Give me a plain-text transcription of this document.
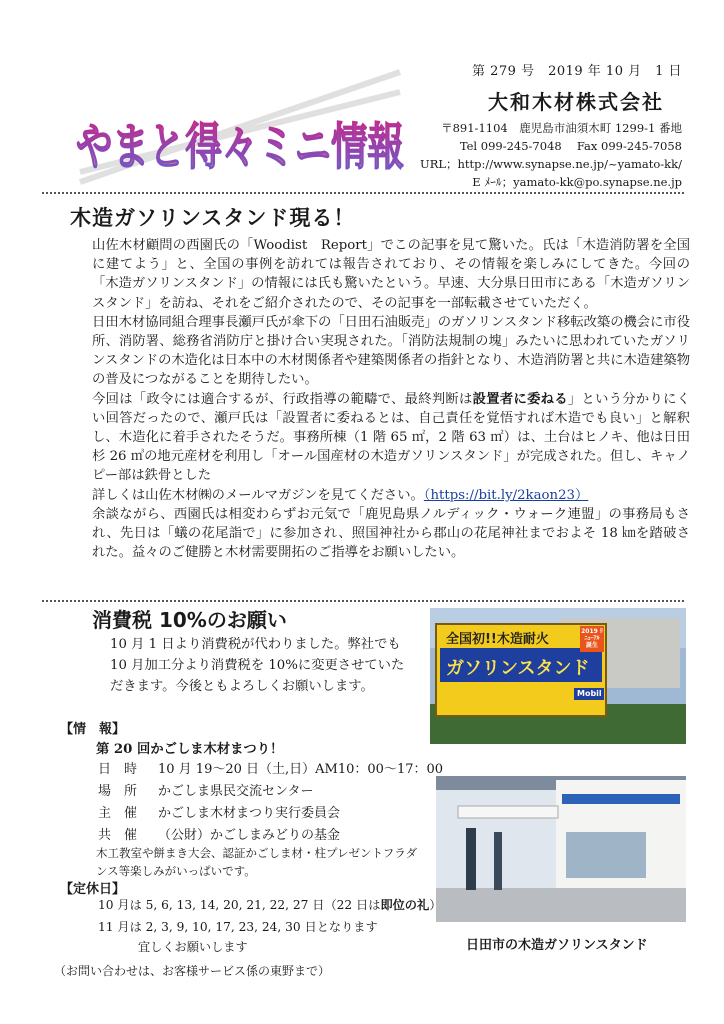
やまと得々ミニ情報
第 279 号　2019 年 10 月　1 日
大和木材株式会社
〒891-1104　鹿児島市油須木町 1299-1 番地
Tel 099-245-7048　 Fax 099-245-7058
URL；http://www.synapse.ne.jp/~yamato-kk/
E ﾒｰﾙ；yamato-kk@po.synapse.ne.jp
木造ガソリンスタンド現る！

山佐木材顧問の西園氏の「Woodist　Report」でこの記事を見て驚いた。氏は「木造消防署を全国に建てよう」と、全国の事例を訪れては報告されており、その情報を楽しみにしてきた。今回の「木造ガソリンスタンド」の情報には氏も驚いたという。早速、大分県日田市にある「木造ガソリンスタンド」を訪ね、それをご紹介されたので、その記事を一部転載させていただく。

日田木材協同組合理事長瀬戸氏が傘下の「日田石油販売」のガソリンスタンド移転改築の機会に市役所、消防署、総務省消防庁と掛け合い実現された。「消防法規制の塊」みたいに思われていたガソリンスタンドの木造化は日本中の木材関係者や建築関係者の指針となり、木造消防署と共に木造建築物の普及につながることを期待したい。

今回は「政令には適合するが、行政指導の範疇で、最終判断は設置者に委ねる」という分かりにくい回答だったので、瀬戸氏は「設置者に委ねるとは、自己責任を覚悟すれば木造でも良い」と解釈し、木造化に着手されたそうだ。事務所棟（1 階 65 ㎡，2 階 63 ㎡）は、土台はヒノキ、他は日田杉 26 ㎥の地元産材を利用し「オール国産材の木造ガソリンスタンド」が完成された。但し、キャノピー部は鉄骨とした

詳しくは山佐木材㈱のメールマガジンを見てください。（https://bit.ly/2kaon23）

余談ながら、西園氏は相変わらずお元気で「鹿児島県ノルディック・ウォーク連盟」の事務局もされ、先日は「蟻の花尾詣で」に参加され、照国神社から郡山の花尾神社までおよそ 18 ㎞を踏破された。益々のご健勝と木材需要開拓のご指導をお願いしたい。

消費税 10%のお願い
10 月 1 日より消費税が代わりました。弊社でも 10 月加工分より消費税を 10%に変更させていただきます。今後ともよろしくお願いします。
全国初!!木造耐火
ガソリンスタンド
2019 ﾘﾆｭｰｱﾙ 誕生
Mobil
日田市の木造ガソリンスタンド
【情　報】
第 20 回かごしま木材まつり！
日　時 10 月 19～20 日（土,日）AM10：00～17：00
場　所 かごしま県民交流センター
主　催 かごしま木材まつり実行委員会
共　催 （公財）かごしまみどりの基金
木工教室や餅まき大会、認証かごしま材・柱プレゼントフラダンス等楽しみがいっぱいです。
【定休日】
10 月は 5, 6, 13, 14, 20, 21, 22, 27 日（22 日は即位の礼）
11 月は 2, 3, 9, 10, 17, 23, 24, 30 日となります
宜しくお願いします
（お問い合わせは、お客様サービス係の東野まで）
